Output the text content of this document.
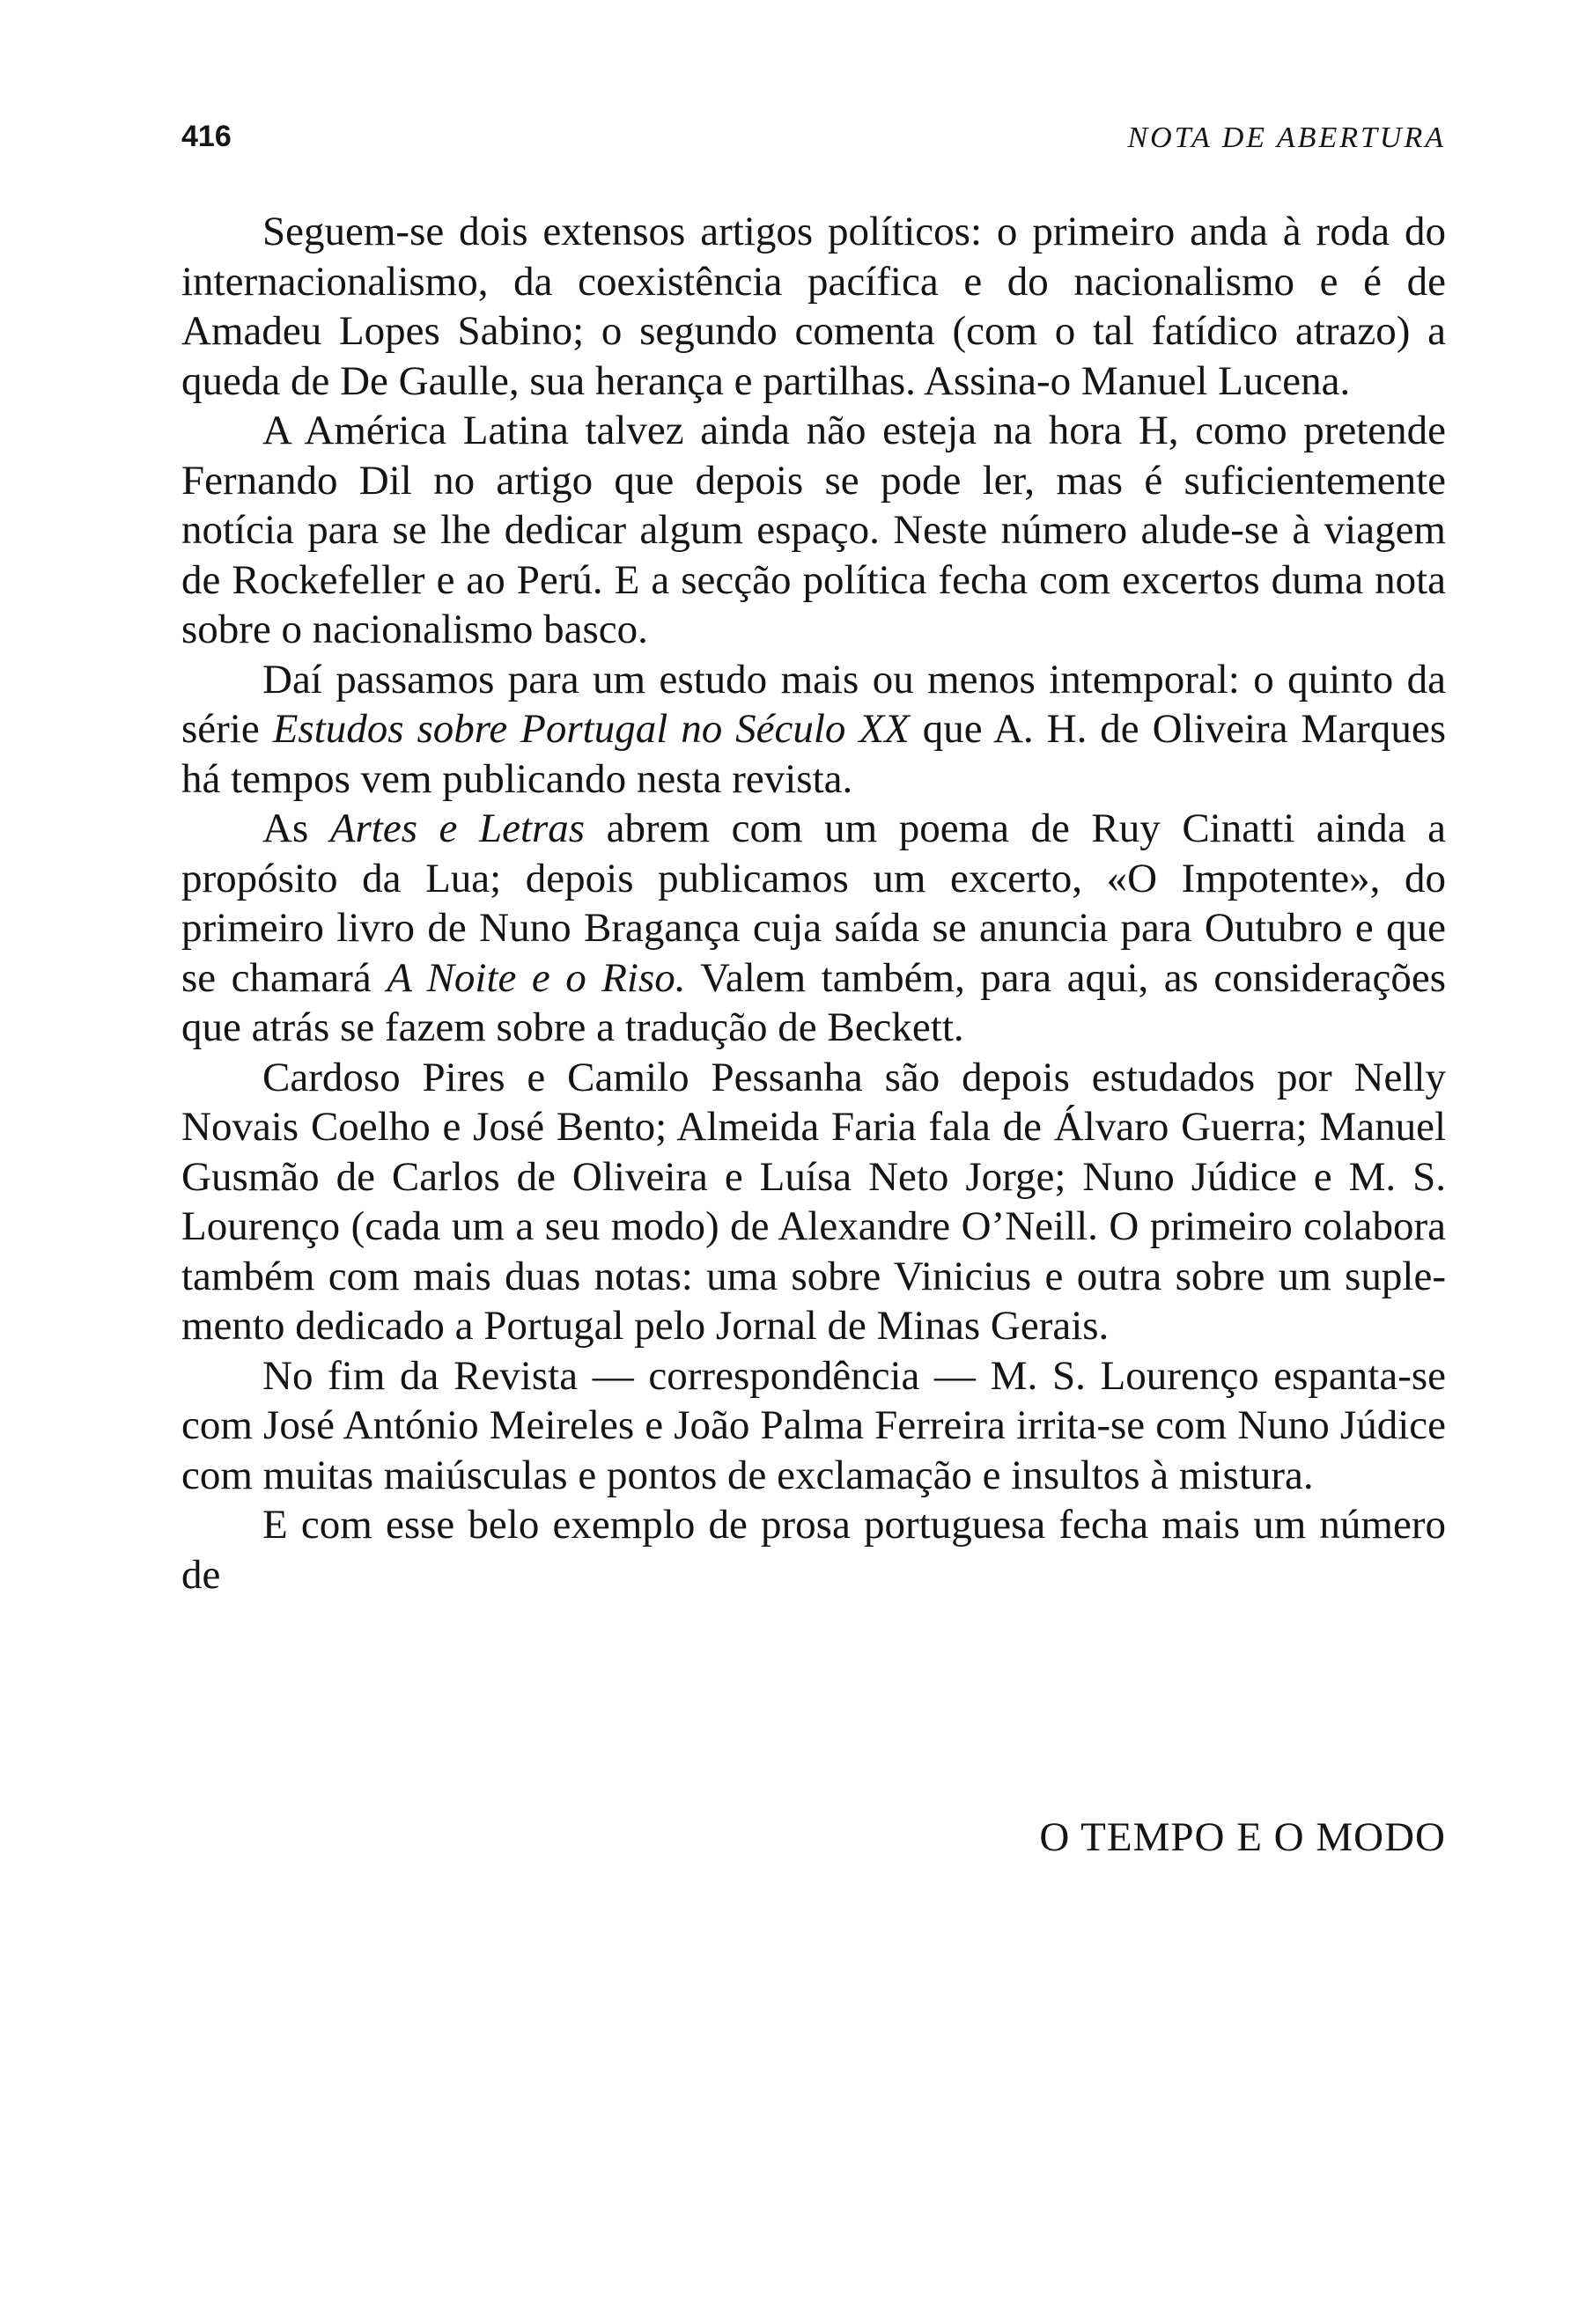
416	NOTA DE ABERTURA

Seguem-se dois extensos artigos políticos: o primeiro anda à roda do internacionalismo, da coexistência pacífica e do nacionalismo e é de Amadeu Lopes Sabino; o segundo comenta (com o tal fatídico atrazo) a queda de De Gaulle, sua herança e partilhas. Assina-o Manuel Lucena.

A América Latina talvez ainda não esteja na hora H, como pretende Fernando Dil no artigo que depois se pode ler, mas é suficientemente notícia para se lhe dedicar algum espaço. Neste número alude-se à viagem de Rockefeller e ao Perú. E a secção política fecha com excertos duma nota sobre o nacionalismo basco.

Daí passamos para um estudo mais ou menos intemporal: o quinto da série Estudos sobre Portugal no Século XX que A. H. de Oliveira Marques há tempos vem publicando nesta revista.

As Artes e Letras abrem com um poema de Ruy Cinatti ainda a propósito da Lua; depois publicamos um excerto, «O Impotente», do primeiro livro de Nuno Bragança cuja saída se anuncia para Outubro e que se chamará A Noite e o Riso. Valem também, para aqui, as considerações que atrás se fazem sobre a tradução de Beckett.

Cardoso Pires e Camilo Pessanha são depois estudados por Nelly Novais Coelho e José Bento; Almeida Faria fala de Álvaro Guerra; Manuel Gusmão de Carlos de Oliveira e Luísa Neto Jorge; Nuno Júdice e M. S. Lourenço (cada um a seu modo) de Alexandre O’Neill. O primeiro colabora também com mais duas notas: uma sobre Vinicius e outra sobre um suplemento dedicado a Portugal pelo Jornal de Minas Gerais.

No fim da Revista — correspondência — M. S. Lourenço espanta-se com José António Meireles e João Palma Ferreira irrita-se com Nuno Júdice com muitas maiúsculas e pontos de exclamação e insultos à mistura.

E com esse belo exemplo de prosa portuguesa fecha mais um número de

O TEMPO E O MODO
